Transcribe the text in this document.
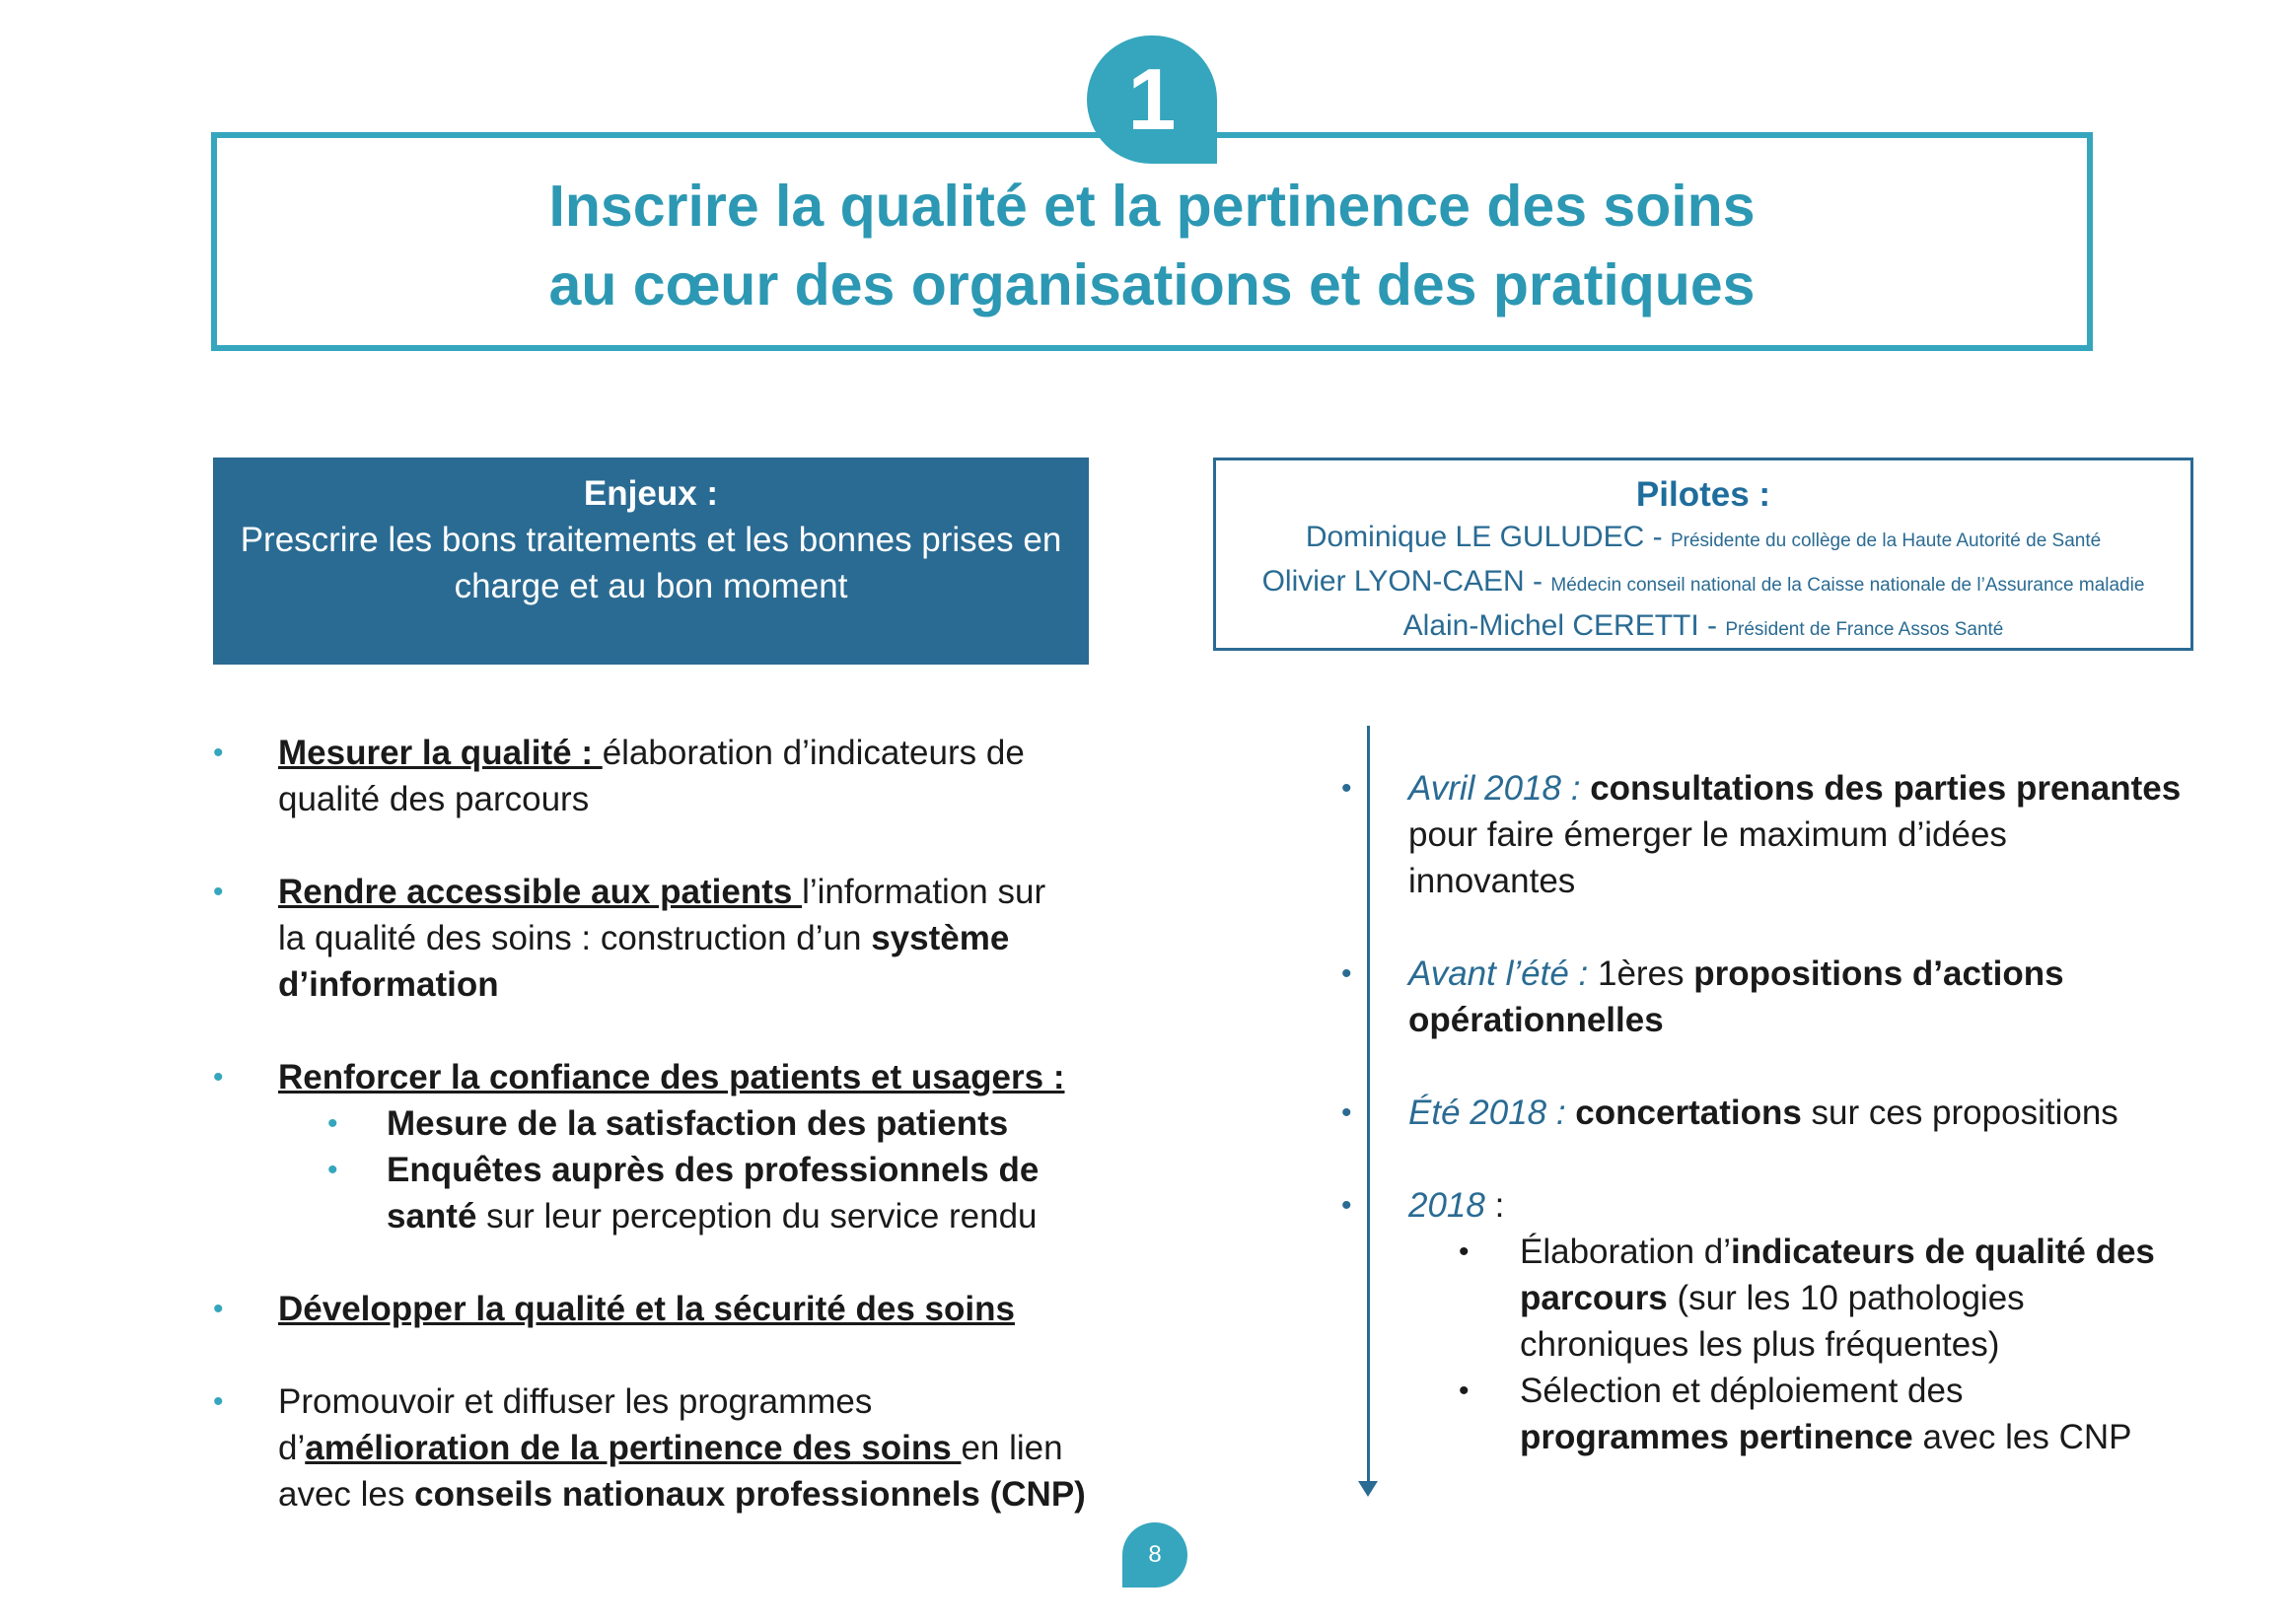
1
Inscrire la qualité et la pertinence des soins
au cœur des organisations et des pratiques
Enjeux :
Prescrire les bons traitements et les bonnes prises en
charge et au bon moment
Pilotes :
Dominique LE GULUDEC - Présidente du collège de la Haute Autorité de Santé
Olivier LYON-CAEN - Médecin conseil national de la Caisse nationale de l’Assurance maladie
Alain-Michel CERETTI - Président de France Assos Santé
• Mesurer la qualité : élaboration d’indicateurs de
qualité des parcours
• Rendre accessible aux patients l’information sur
la qualité des soins : construction d’un système
d’information
• Renforcer la confiance des patients et usagers :
• Mesure de la satisfaction des patients
• Enquêtes auprès des professionnels de
santé sur leur perception du service rendu
• Développer la qualité et la sécurité des soins
• Promouvoir et diffuser les programmes
d’amélioration de la pertinence des soins en lien
avec les conseils nationaux professionnels (CNP)
• Avril 2018 : consultations des parties prenantes
pour faire émerger le maximum d’idées
innovantes
• Avant l’été : 1ères propositions d’actions
opérationnelles
• Été 2018 : concertations sur ces propositions
• 2018 :
• Élaboration d’indicateurs de qualité des
parcours (sur les 10 pathologies
chroniques les plus fréquentes)
• Sélection et déploiement des
programmes pertinence avec les CNP
8
